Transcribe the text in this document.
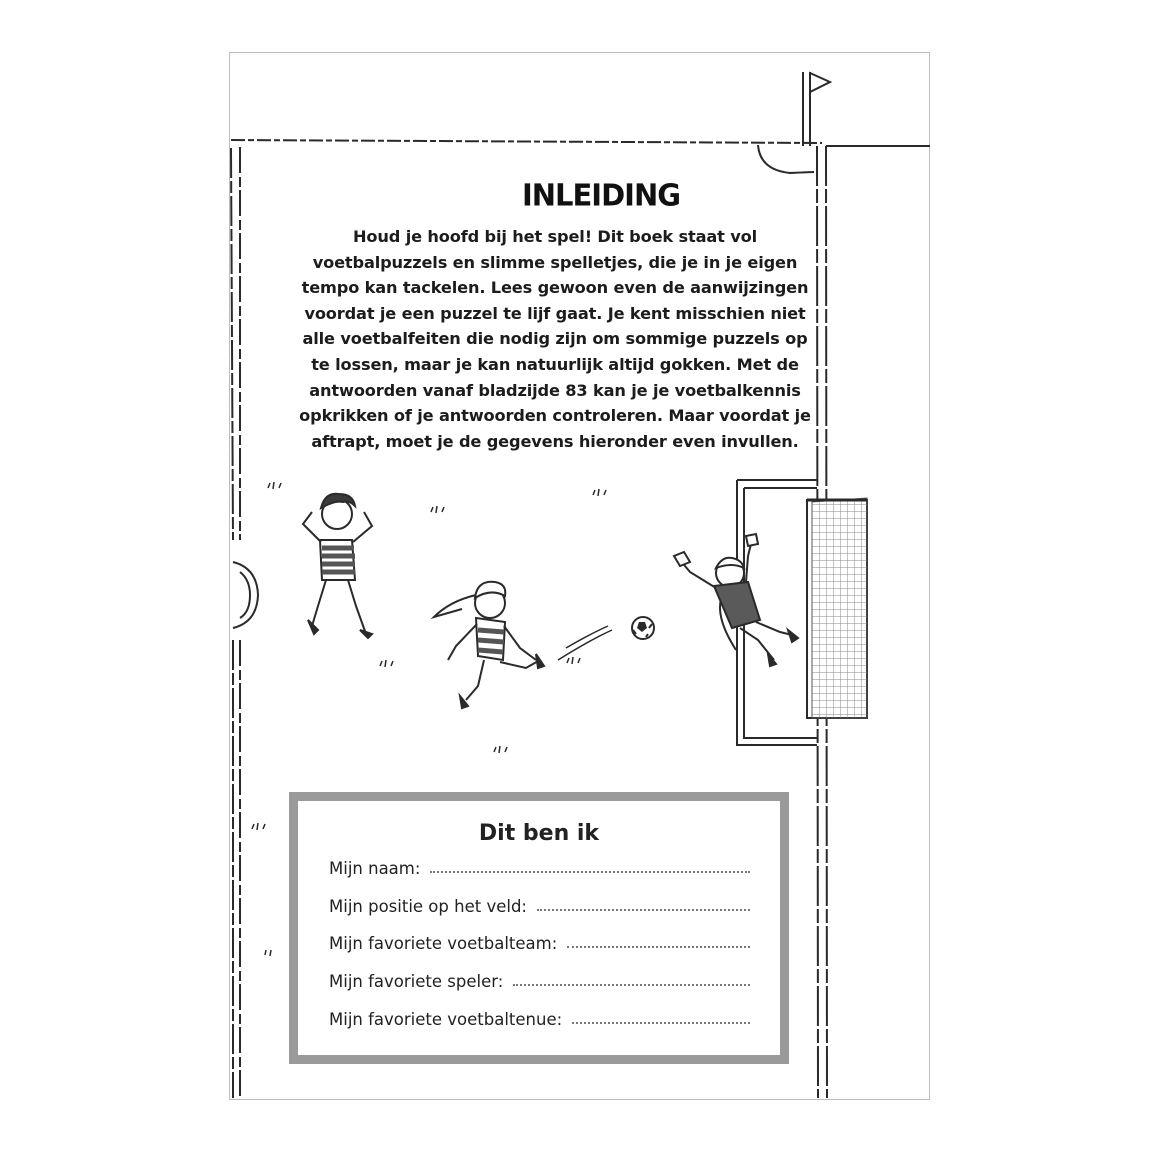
INLEIDING

Houd je hoofd bij het spel! Dit boek staat vol
voetbalpuzzels en slimme spelletjes, die je in je eigen
tempo kan tackelen. Lees gewoon even de aanwijzingen
voordat je een puzzel te lijf gaat. Je kent misschien niet
alle voetbalfeiten die nodig zijn om sommige puzzels op
te lossen, maar je kan natuurlijk altijd gokken. Met de
antwoorden vanaf bladzijde 83 kan je je voetbalkennis
opkrikken of je antwoorden controleren. Maar voordat je
aftrapt, moet je de gegevens hieronder even invullen.

Dit ben ik
Mijn naam:
Mijn positie op het veld:
Mijn favoriete voetbalteam:
Mijn favoriete speler:
Mijn favoriete voetbaltenue:
